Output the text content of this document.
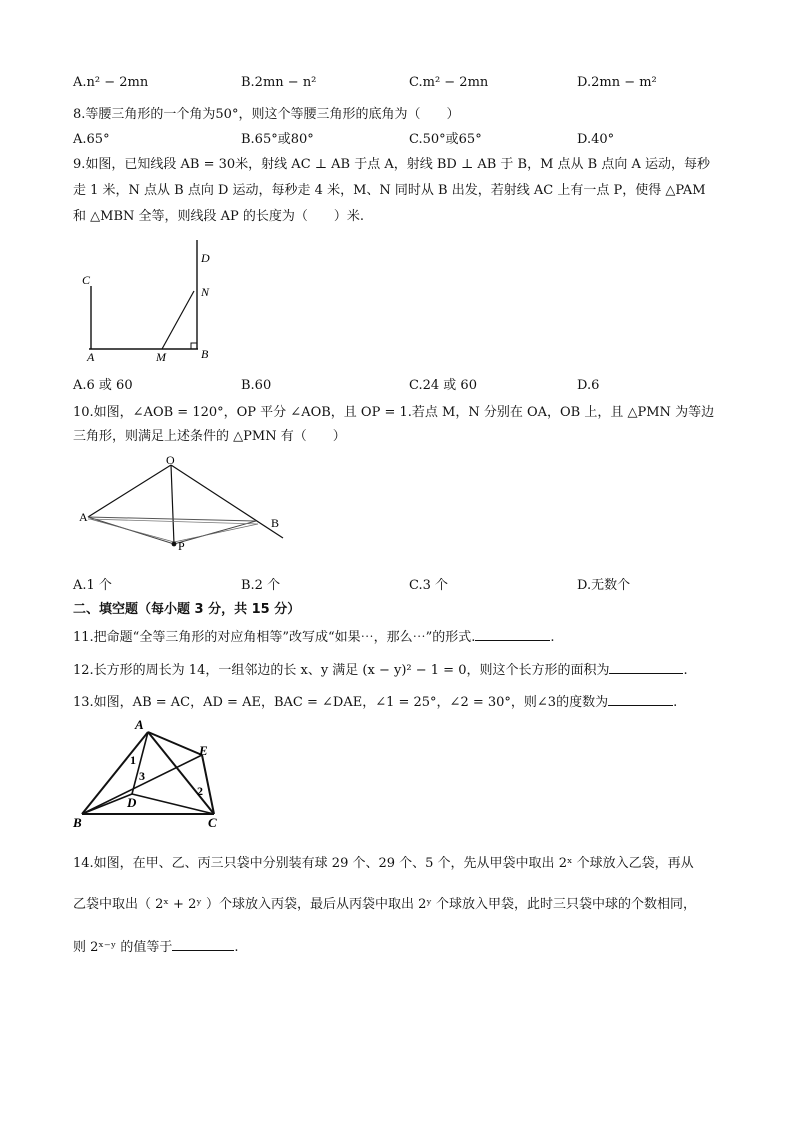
A.n² − 2mn	B.2mn − n²	C.m² − 2mn	D.2mn − m²
8.等腰三角形的一个角为50°，则这个等腰三角形的底角为（　　）
A.65°	B.65°或80°	C.50°或65°	D.40°
9.如图，已知线段 AB = 30米，射线 AC ⊥ AB 于点 A，射线 BD ⊥ AB 于 B，M 点从 B 点向 A 运动，每秒
走 1 米，N 点从 B 点向 D 运动，每秒走 4 米，M、N 同时从 B 出发，若射线 AC 上有一点 P，使得 △PAM
和 △MBN 全等，则线段 AP 的长度为（　　）米.
C
D
N
A	M	B
A.6 或 60	B.60	C.24 或 60	D.6
10.如图，∠AOB = 120°，OP 平分 ∠AOB，且 OP = 1.若点 M，N 分别在 OA，OB 上，且 △PMN 为等边
三角形，则满足上述条件的 △PMN 有（　　）
O
A	B
P
A.1 个	B.2 个	C.3 个	D.无数个
二、填空题（每小题 3 分，共 15 分）
11.把命题“全等三角形的对应角相等”改写成“如果⋯，那么⋯”的形式.	.
12.长方形的周长为 14，一组邻边的长 x、y 满足 (x − y)² − 1 = 0，则这个长方形的面积为	.
13.如图，AB = AC，AD = AE，BAC = ∠DAE，∠1 = 25°，∠2 = 30°，则∠3的度数为	.
A
E
B	C
D
1
3
2
14.如图，在甲、乙、丙三只袋中分别装有球 29 个、29 个、5 个，先从甲袋中取出 2ˣ 个球放入乙袋，再从
乙袋中取出（ 2ˣ + 2ʸ ）个球放入丙袋，最后从丙袋中取出 2ʸ 个球放入甲袋，此时三只袋中球的个数相同，
则 2ˣ⁻ʸ 的值等于	.
